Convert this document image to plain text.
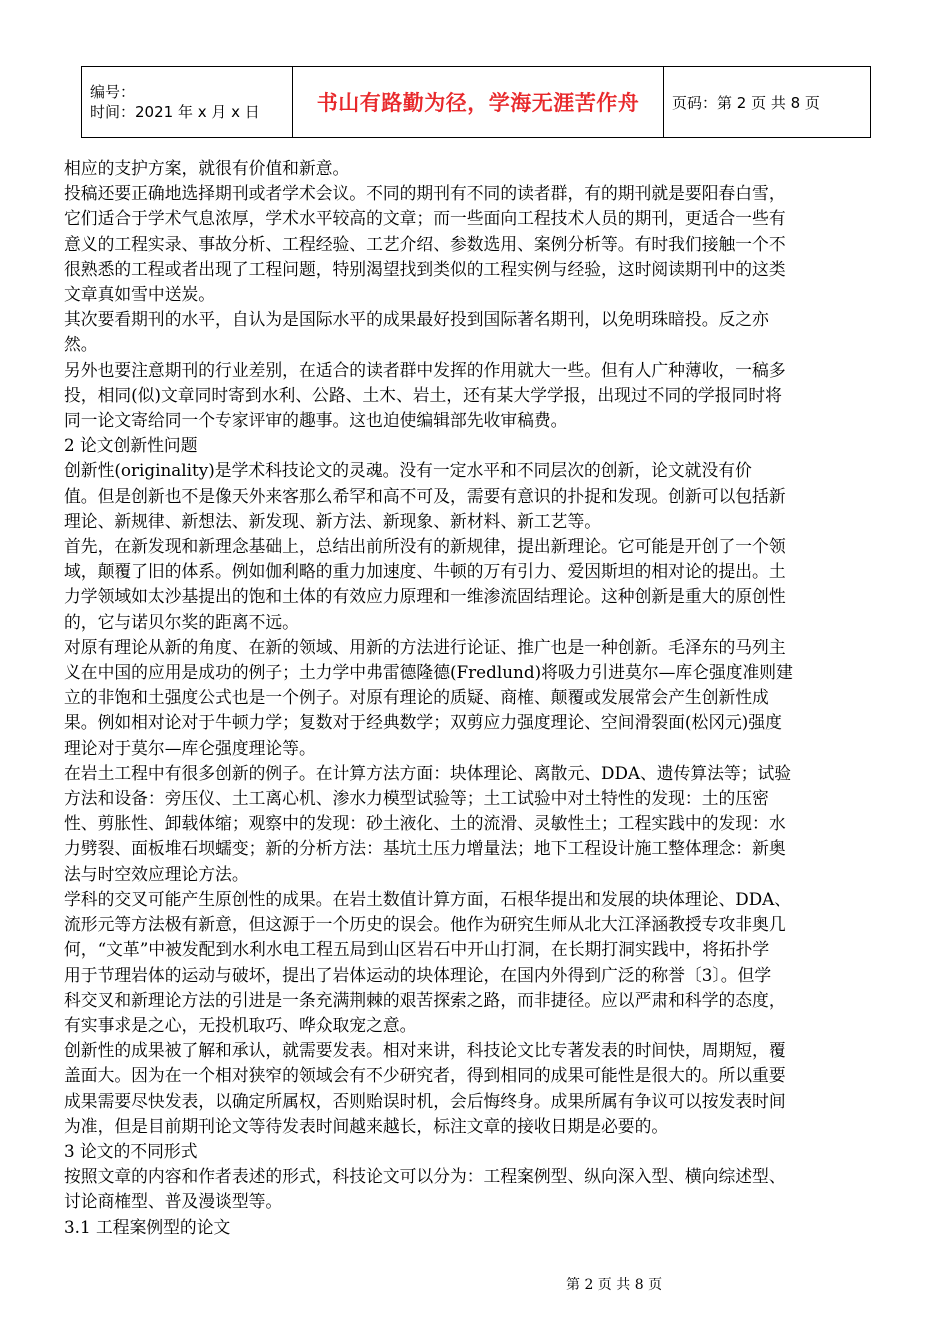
编号：
时间：2021 年 x 月 x 日	书山有路勤为径，学海无涯苦作舟	页码：第 2 页 共 8 页
相应的支护方案，就很有价值和新意。
投稿还要正确地选择期刊或者学术会议。不同的期刊有不同的读者群，有的期刊就是要阳春白雪，
它们适合于学术气息浓厚，学术水平较高的文章；而一些面向工程技术人员的期刊，更适合一些有
意义的工程实录、事故分析、工程经验、工艺介绍、参数选用、案例分析等。有时我们接触一个不
很熟悉的工程或者出现了工程问题，特别渴望找到类似的工程实例与经验，这时阅读期刊中的这类
文章真如雪中送炭。
其次要看期刊的水平，自认为是国际水平的成果最好投到国际著名期刊，以免明珠暗投。反之亦
然。
另外也要注意期刊的行业差别，在适合的读者群中发挥的作用就大一些。但有人广种薄收，一稿多
投，相同(似)文章同时寄到水利、公路、土木、岩土，还有某大学学报，出现过不同的学报同时将
同一论文寄给同一个专家评审的趣事。这也迫使编辑部先收审稿费。
2 论文创新性问题
创新性(originality)是学术科技论文的灵魂。没有一定水平和不同层次的创新，论文就没有价
值。但是创新也不是像天外来客那么希罕和高不可及，需要有意识的扑捉和发现。创新可以包括新
理论、新规律、新想法、新发现、新方法、新现象、新材料、新工艺等。
首先，在新发现和新理念基础上，总结出前所没有的新规律，提出新理论。它可能是开创了一个领
域，颠覆了旧的体系。例如伽利略的重力加速度、牛顿的万有引力、爱因斯坦的相对论的提出。土
力学领域如太沙基提出的饱和土体的有效应力原理和一维渗流固结理论。这种创新是重大的原创性
的，它与诺贝尔奖的距离不远。
对原有理论从新的角度、在新的领域、用新的方法进行论证、推广也是一种创新。毛泽东的马列主
义在中国的应用是成功的例子；土力学中弗雷德隆德(Fredlund)将吸力引进莫尔—库仑强度准则建
立的非饱和土强度公式也是一个例子。对原有理论的质疑、商榷、颠覆或发展常会产生创新性成
果。例如相对论对于牛顿力学；复数对于经典数学；双剪应力强度理论、空间滑裂面(松冈元)强度
理论对于莫尔—库仑强度理论等。
在岩土工程中有很多创新的例子。在计算方法方面：块体理论、离散元、DDA、遗传算法等；试验
方法和设备：旁压仪、土工离心机、渗水力模型试验等；土工试验中对土特性的发现：土的压密
性、剪胀性、卸载体缩；观察中的发现：砂土液化、土的流滑、灵敏性土；工程实践中的发现：水
力劈裂、面板堆石坝蠕变；新的分析方法：基坑土压力增量法；地下工程设计施工整体理念：新奥
法与时空效应理论方法。
学科的交叉可能产生原创性的成果。在岩土数值计算方面，石根华提出和发展的块体理论、DDA、
流形元等方法极有新意，但这源于一个历史的误会。他作为研究生师从北大江泽涵教授专攻非奥几
何，“文革”中被发配到水利水电工程五局到山区岩石中开山打洞，在长期打洞实践中，将拓扑学
用于节理岩体的运动与破坏，提出了岩体运动的块体理论，在国内外得到广泛的称誉〔3〕。但学
科交叉和新理论方法的引进是一条充满荆棘的艰苦探索之路，而非捷径。应以严肃和科学的态度，
有实事求是之心，无投机取巧、哗众取宠之意。
创新性的成果被了解和承认，就需要发表。相对来讲，科技论文比专著发表的时间快，周期短，覆
盖面大。因为在一个相对狭窄的领域会有不少研究者，得到相同的成果可能性是很大的。所以重要
成果需要尽快发表，以确定所属权，否则贻误时机，会后悔终身。成果所属有争议可以按发表时间
为准，但是目前期刊论文等待发表时间越来越长，标注文章的接收日期是必要的。
3 论文的不同形式
按照文章的内容和作者表述的形式，科技论文可以分为：工程案例型、纵向深入型、横向综述型、
讨论商榷型、普及漫谈型等。
3.1 工程案例型的论文
第 2 页 共 8 页
